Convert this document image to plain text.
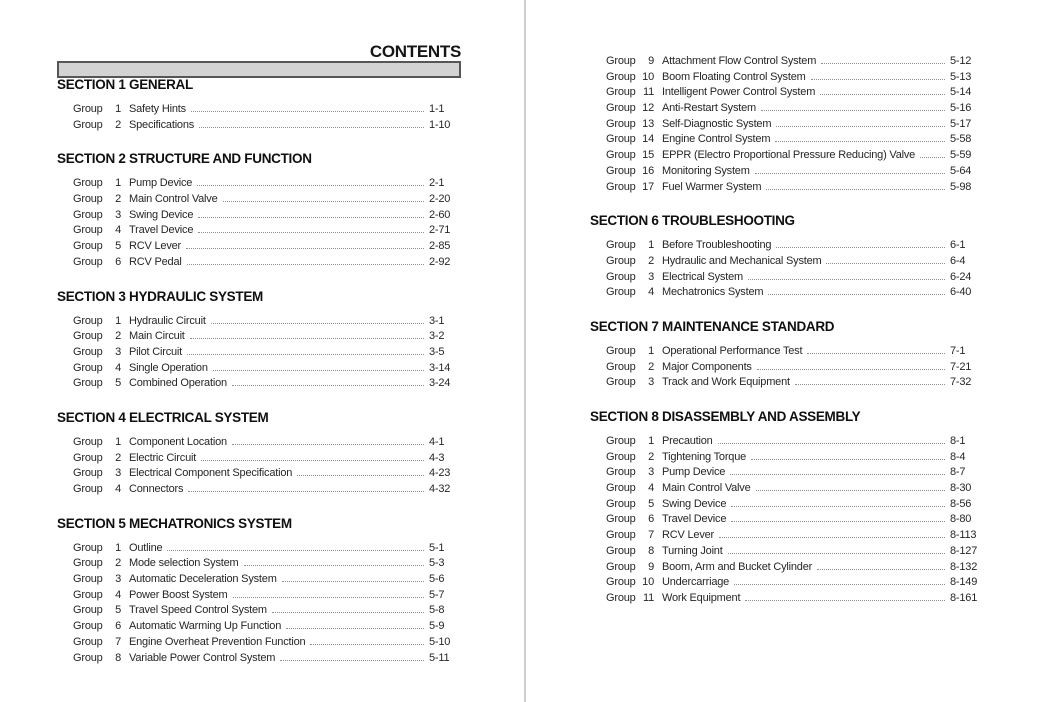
CONTENTS
SECTION 1 GENERAL
Group	1 Safety Hints	1-1
Group	2 Specifications	1-10
SECTION 2 STRUCTURE AND FUNCTION
Group	1 Pump Device	2-1
Group	2 Main Control Valve	2-20
Group	3 Swing Device	2-60
Group	4 Travel Device	2-71
Group	5 RCV Lever	2-85
Group	6 RCV Pedal	2-92
SECTION 3 HYDRAULIC SYSTEM
Group	1 Hydraulic Circuit	3-1
Group	2 Main Circuit	3-2
Group	3 Pilot Circuit	3-5
Group	4 Single Operation	3-14
Group	5 Combined Operation	3-24
SECTION 4 ELECTRICAL SYSTEM
Group	1 Component Location	4-1
Group	2 Electric Circuit	4-3
Group	3 Electrical Component Specification	4-23
Group	4 Connectors	4-32
SECTION 5 MECHATRONICS SYSTEM
Group	1 Outline	5-1
Group	2 Mode selection System	5-3
Group	3 Automatic Deceleration System	5-6
Group	4 Power Boost System	5-7
Group	5 Travel Speed Control System	5-8
Group	6 Automatic Warming Up Function	5-9
Group	7 Engine Overheat Prevention Function	5-10
Group	8 Variable Power Control System	5-11
Group	9 Attachment Flow Control System	5-12
Group 10 Boom Floating Control System	5-13
Group 11 Intelligent Power Control System	5-14
Group 12 Anti-Restart System	5-16
Group 13 Self-Diagnostic System	5-17
Group 14 Engine Control System	5-58
Group 15 EPPR (Electro Proportional Pressure Reducing) Valve	5-59
Group 16 Monitoring System	5-64
Group 17 Fuel Warmer System	5-98
SECTION 6 TROUBLESHOOTING
Group	1 Before Troubleshooting	6-1
Group	2 Hydraulic and Mechanical System	6-4
Group	3 Electrical System	6-24
Group	4 Mechatronics System	6-40
SECTION 7 MAINTENANCE STANDARD
Group	1 Operational Performance Test	7-1
Group	2 Major Components	7-21
Group	3 Track and Work Equipment	7-32
SECTION 8 DISASSEMBLY AND ASSEMBLY
Group	1 Precaution	8-1
Group	2 Tightening Torque	8-4
Group	3 Pump Device	8-7
Group	4 Main Control Valve	8-30
Group	5 Swing Device	8-56
Group	6 Travel Device	8-80
Group	7 RCV Lever	8-113
Group	8 Turning Joint	8-127
Group	9 Boom, Arm and Bucket Cylinder	8-132
Group 10 Undercarriage	8-149
Group 11 Work Equipment	8-161
